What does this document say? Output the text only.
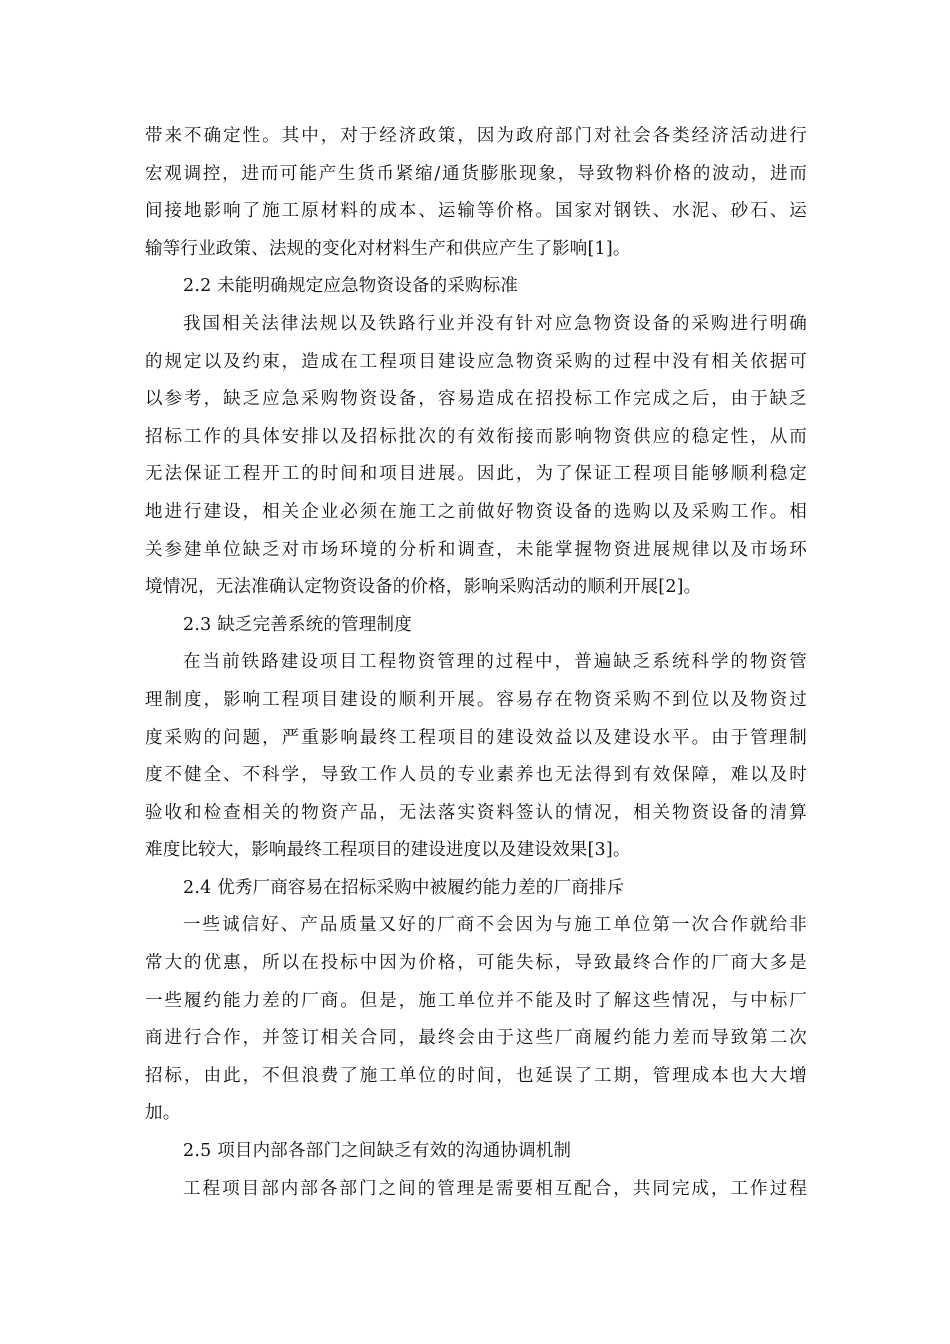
带来不确定性。其中，对于经济政策，因为政府部门对社会各类经济活动进行
宏观调控，进而可能产生货币紧缩/通货膨胀现象，导致物料价格的波动，进而
间接地影响了施工原材料的成本、运输等价格。国家对钢铁、水泥、砂石、运
输等行业政策、法规的变化对材料生产和供应产生了影响[1]。
2.2 未能明确规定应急物资设备的采购标准
我国相关法律法规以及铁路行业并没有针对应急物资设备的采购进行明确
的规定以及约束，造成在工程项目建设应急物资采购的过程中没有相关依据可
以参考，缺乏应急采购物资设备，容易造成在招投标工作完成之后，由于缺乏
招标工作的具体安排以及招标批次的有效衔接而影响物资供应的稳定性，从而
无法保证工程开工的时间和项目进展。因此，为了保证工程项目能够顺利稳定
地进行建设，相关企业必须在施工之前做好物资设备的选购以及采购工作。相
关参建单位缺乏对市场环境的分析和调查，未能掌握物资进展规律以及市场环
境情况，无法准确认定物资设备的价格，影响采购活动的顺利开展[2]。
2.3 缺乏完善系统的管理制度
在当前铁路建设项目工程物资管理的过程中，普遍缺乏系统科学的物资管
理制度，影响工程项目建设的顺利开展。容易存在物资采购不到位以及物资过
度采购的问题，严重影响最终工程项目的建设效益以及建设水平。由于管理制
度不健全、不科学，导致工作人员的专业素养也无法得到有效保障，难以及时
验收和检查相关的物资产品，无法落实资料签认的情况，相关物资设备的清算
难度比较大，影响最终工程项目的建设进度以及建设效果[3]。
2.4 优秀厂商容易在招标采购中被履约能力差的厂商排斥
一些诚信好、产品质量又好的厂商不会因为与施工单位第一次合作就给非
常大的优惠，所以在投标中因为价格，可能失标，导致最终合作的厂商大多是
一些履约能力差的厂商。但是，施工单位并不能及时了解这些情况，与中标厂
商进行合作，并签订相关合同，最终会由于这些厂商履约能力差而导致第二次
招标，由此，不但浪费了施工单位的时间，也延误了工期，管理成本也大大增
加。
2.5 项目内部各部门之间缺乏有效的沟通协调机制
工程项目部内部各部门之间的管理是需要相互配合，共同完成，工作过程
